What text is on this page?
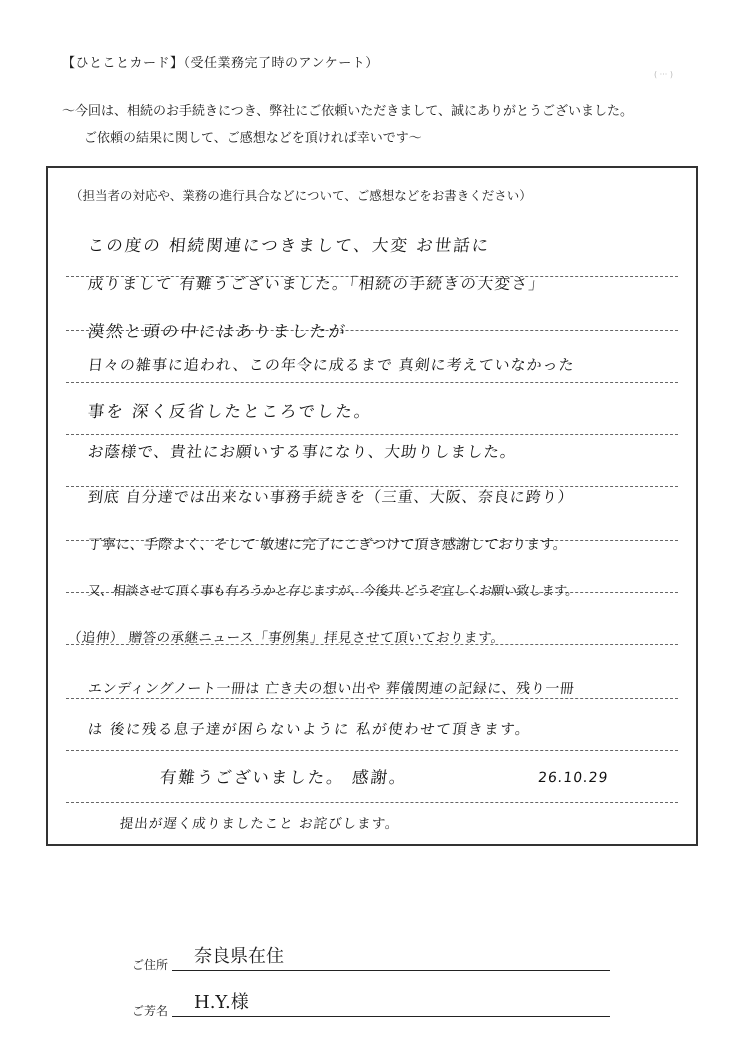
【ひとことカード】（受任業務完了時のアンケート）
～今回は、相続のお手続きにつき、弊社にご依頼いただきまして、誠にありがとうございました。
ご依頼の結果に関して、ご感想などを頂ければ幸いです～
( ··· )
（担当者の対応や、業務の進行具合などについて、ご感想などをお書きください）
この度の 相続関連につきまして、大変 お世話に
成りまして 有難うございました。「相続の手続きの大変さ」
漠然と頭の中にはありましたが
日々の雑事に追われ、この年令に成るまで 真剣に考えていなかった
事を 深く反省したところでした。
お蔭様で、貴社にお願いする事になり、大助りしました。
到底 自分達では出来ない事務手続きを（三重、大阪、奈良に跨り）
丁寧に、手際よく、そして 敏速に完了にこぎつけて頂き感謝しております。
又、相談させて頂く事も有ろうかと存じますが、今後共 どうぞ宜しくお願い致します。
（追伸） 贈答の承継ニュース「事例集」拝見させて頂いております。
エンディングノート一冊は 亡き夫の想い出や 葬儀関連の記録に、残り一冊
は 後に残る息子達が困らないように 私が使わせて頂きます。
有難うございました。 感謝。	26.10.29
提出が遅く成りましたこと お詫びします。
ご住所 奈良県在住
ご芳名 H.Y.様
